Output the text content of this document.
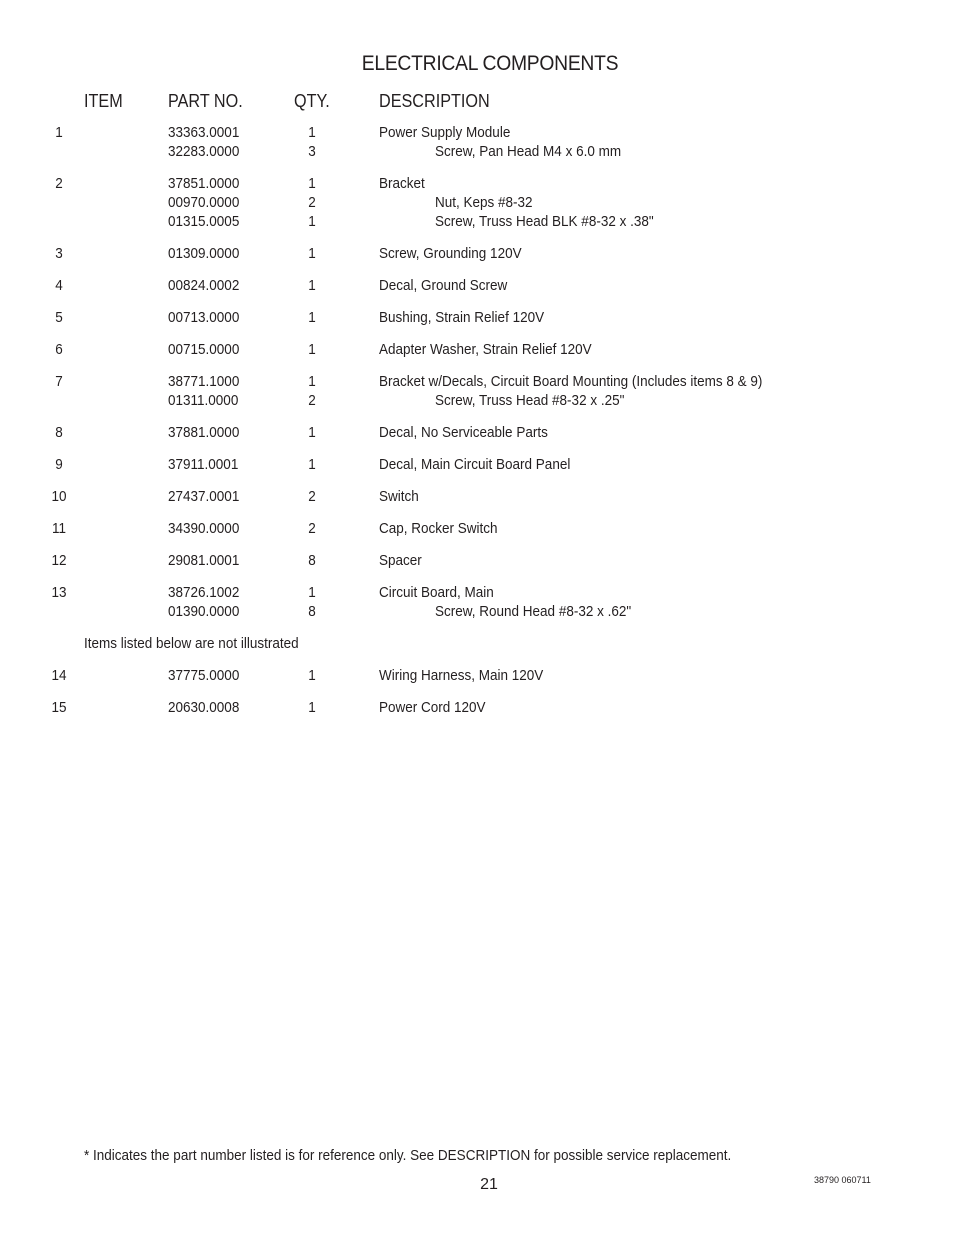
ELECTRICAL COMPONENTS
ITEM	PART NO.	QTY.	DESCRIPTION
1	33363.0001	1	Power Supply Module
32283.0000	3	Screw, Pan Head M4 x 6.0 mm
2	37851.0000	1	Bracket
00970.0000	2	Nut, Keps #8-32
01315.0005	1	Screw, Truss Head BLK #8-32 x .38"
3	01309.0000	1	Screw, Grounding 120V
4	00824.0002	1	Decal, Ground Screw
5	00713.0000	1	Bushing, Strain Relief 120V
6	00715.0000	1	Adapter Washer, Strain Relief 120V
7	38771.1000	1	Bracket w/Decals, Circuit Board Mounting (Includes items 8 & 9)
01311.0000	2	Screw, Truss Head #8-32 x .25"
8	37881.0000	1	Decal, No Serviceable Parts
9	37911.0001	1	Decal, Main Circuit Board Panel
10	27437.0001	2	Switch
11	34390.0000	2	Cap, Rocker Switch
12	29081.0001	8	Spacer
13	38726.1002	1	Circuit Board, Main
01390.0000	8	Screw, Round Head #8-32 x .62"
14	37775.0000	1	Wiring Harness, Main 120V
15	20630.0008	1	Power Cord 120V
Items listed below are not illustrated
* Indicates the part number listed is for reference only. See DESCRIPTION for possible service replacement.
21	38790 060711
